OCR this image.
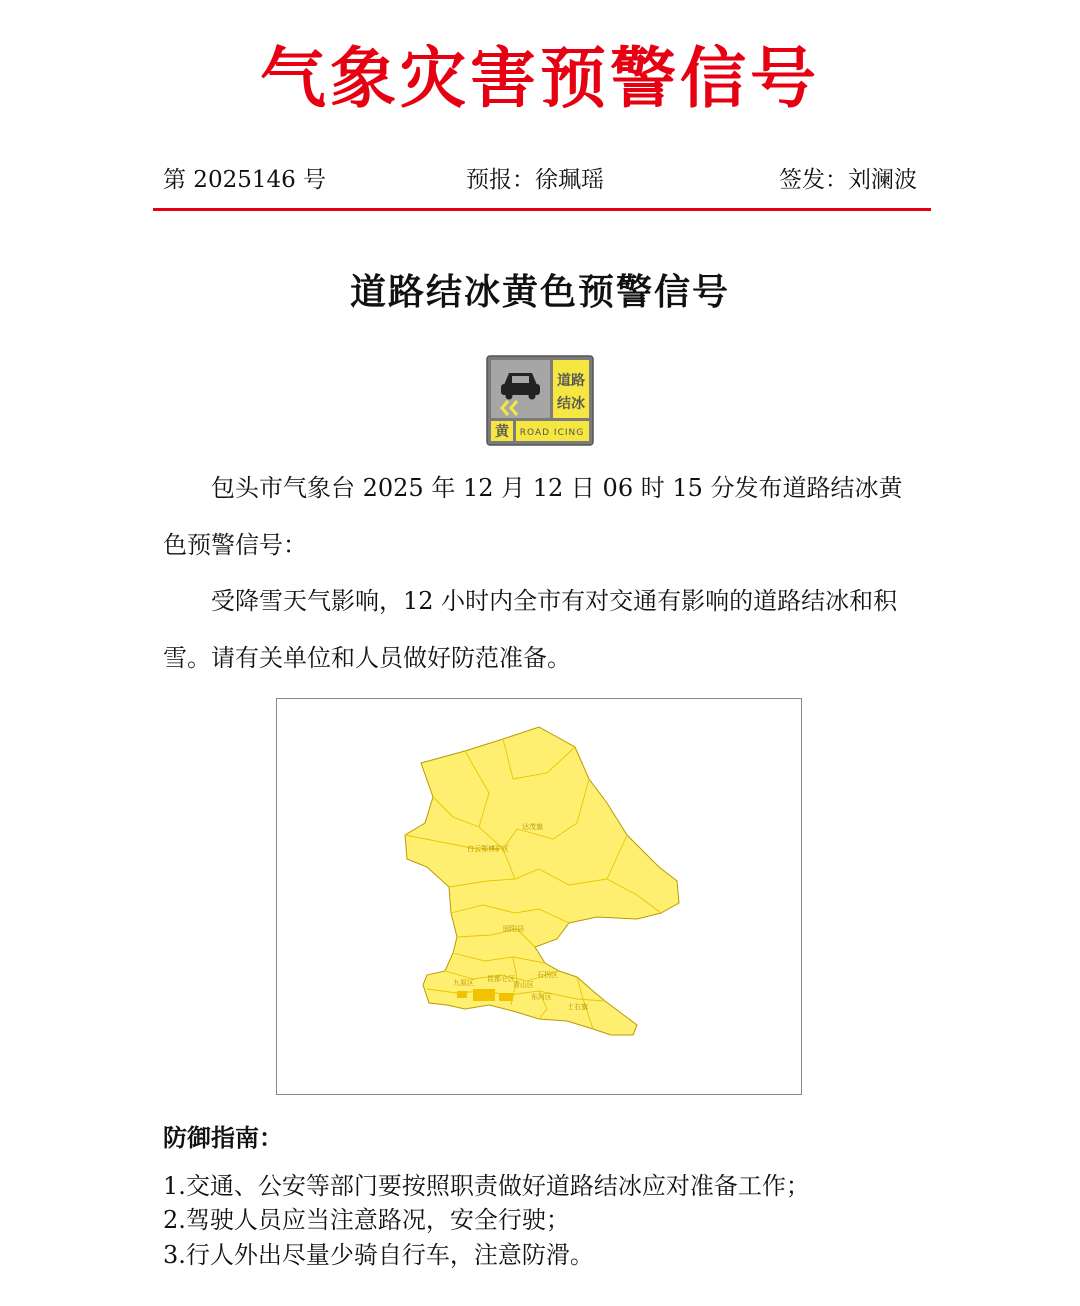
气象灾害预警信号
第 2025146 号	预报：徐珮瑶	签发：刘澜波
道路结冰黄色预警信号
道路
结冰
黄 ROAD ICING

包头市气象台 2025 年 12 月 12 日 06 时 15 分发布道路结冰黄色预警信号：

受降雪天气影响，12 小时内全市有对交通有影响的道路结冰和积雪。请有关单位和人员做好防范准备。

达茂旗
白云鄂博矿区
固阳县
九原区 昆都仑区
青山区
东河区
石拐区
土右旗
防御指南：
1.交通、公安等部门要按照职责做好道路结冰应对准备工作；
2.驾驶人员应当注意路况，安全行驶；
3.行人外出尽量少骑自行车，注意防滑。
